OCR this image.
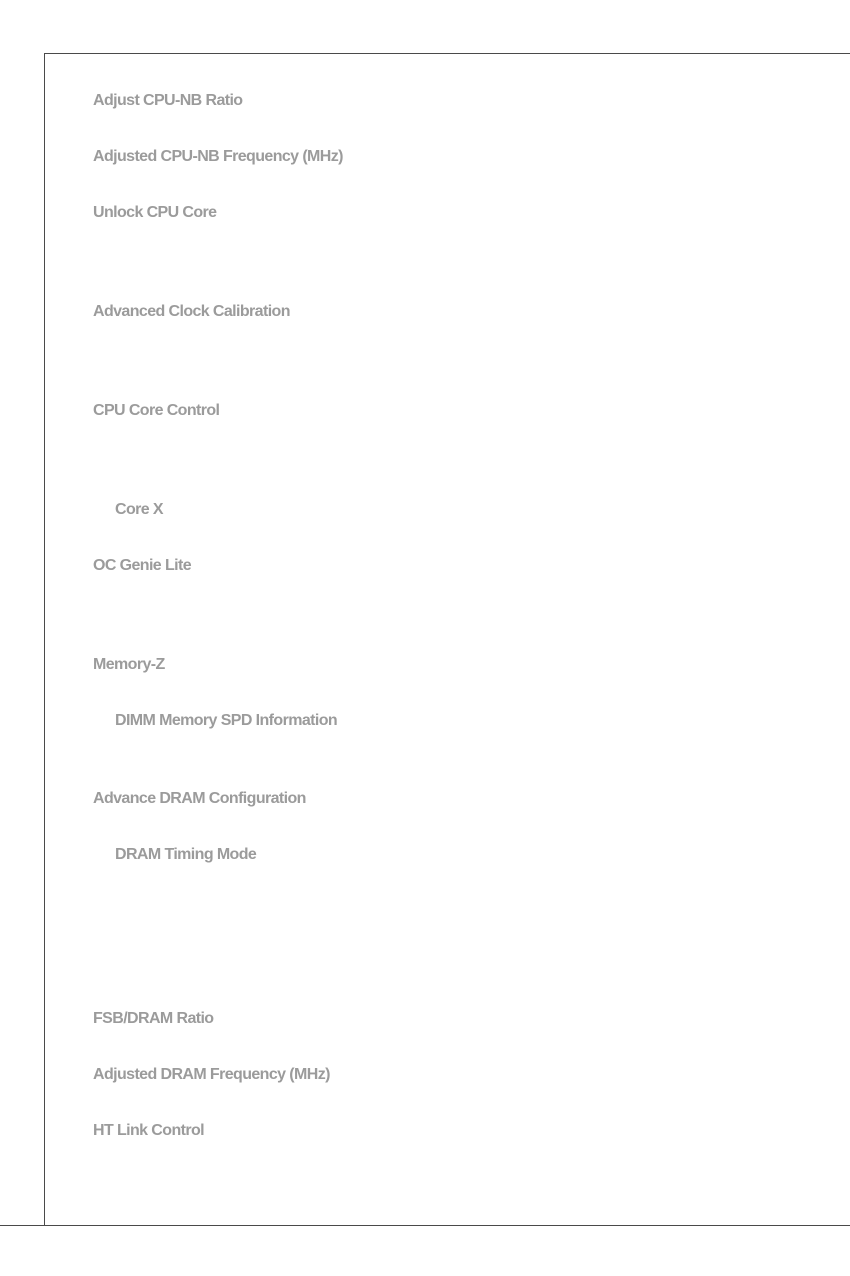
Adjust CPU-NB Ratio

Adjusted CPU-NB Frequency (MHz)

Unlock CPU Core

Advanced Clock Calibration

CPU Core Control

Core X

OC Genie Lite

Memory-Z

DIMM Memory SPD Information

Advance DRAM Configuration

DRAM Timing Mode

FSB/DRAM Ratio

Adjusted DRAM Frequency (MHz)

HT Link Control
